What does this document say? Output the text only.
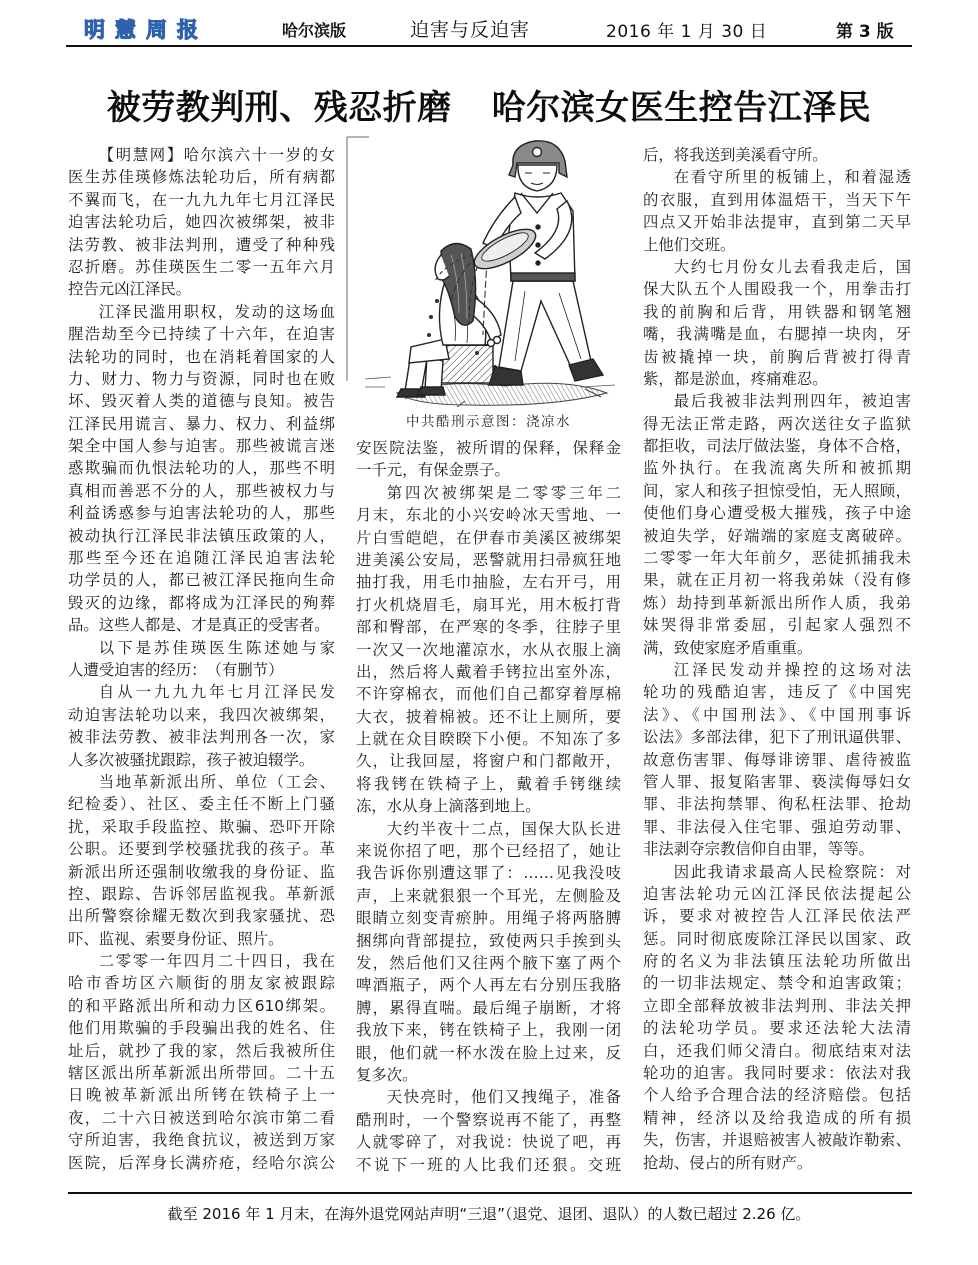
明慧周报	哈尔滨版	迫害与反迫害	2016 年 1 月 30 日	第 3 版
被劳教判刑、残忍折磨 哈尔滨女医生控告江泽民
中共酷刑示意图：浇凉水
【明慧网】哈尔滨六十一岁的女
医生苏佳瑛修炼法轮功后，所有病都
不翼而飞，在一九九九年七月江泽民
迫害法轮功后，她四次被绑架，被非
法劳教、被非法判刑，遭受了种种残
忍折磨。苏佳瑛医生二零一五年六月
控告元凶江泽民。
江泽民滥用职权，发动的这场血
腥浩劫至今已持续了十六年，在迫害
法轮功的同时，也在消耗着国家的人
力、财力、物力与资源，同时也在败
坏、毁灭着人类的道德与良知。被告
江泽民用谎言、暴力、权力、利益绑
架全中国人参与迫害。那些被谎言迷
惑欺骗而仇恨法轮功的人，那些不明
真相而善恶不分的人，那些被权力与
利益诱惑参与迫害法轮功的人，那些
被动执行江泽民非法镇压政策的人，
那些至今还在追随江泽民迫害法轮
功学员的人，都已被江泽民拖向生命
毁灭的边缘，都将成为江泽民的殉葬
品。这些人都是、才是真正的受害者。
以下是苏佳瑛医生陈述她与家
人遭受迫害的经历：　（有删节）
自从一九九九年七月江泽民发
动迫害法轮功以来，我四次被绑架，
被非法劳教、被非法判刑各一次，家
人多次被骚扰跟踪，孩子被迫辍学。
当地革新派出所、单位（工会、
纪检委）、社区、委主任不断上门骚
扰，采取手段监控、欺骗、恐吓开除
公职。还要到学校骚扰我的孩子。革
新派出所还强制收缴我的身份证、监
控、跟踪、告诉邻居监视我。革新派
出所警察徐耀无数次到我家骚扰、恐
吓、监视、索要身份证、照片。
二零零一年四月二十四日，我在
哈市香坊区六顺街的朋友家被跟踪
的和平路派出所和动力区610绑架。
他们用欺骗的手段骗出我的姓名、住
址后，就抄了我的家，然后我被所住
辖区派出所革新派出所带回。二十五
日晚被革新派出所铐在铁椅子上一
夜，二十六日被送到哈尔滨市第二看
守所迫害，我绝食抗议，被送到万家
医院，后浑身长满疥疮，经哈尔滨公
安医院法鉴，被所谓的保释，保释金
一千元，有保金票子。
第四次被绑架是二零零三年二
月末，东北的小兴安岭冰天雪地、一
片白雪皑皑，在伊春市美溪区被绑架
进美溪公安局，恶警就用扫帚疯狂地
抽打我，用毛巾抽脸，左右开弓，用
打火机烧眉毛，扇耳光，用木板打背
部和臀部，在严寒的冬季，往脖子里
一次又一次地灌凉水，水从衣服上滴
出，然后将人戴着手铐拉出室外冻，
不许穿棉衣，而他们自己都穿着厚棉
大衣，披着棉被。还不让上厕所，要
上就在众目睽睽下小便。不知冻了多
久，让我回屋，将窗户和门都敞开，
将我铐在铁椅子上，戴着手铐继续
冻，水从身上滴落到地上。
大约半夜十二点，国保大队长进
来说你招了吧，那个已经招了，她让
我告诉你别遭这罪了：……见我没吱
声，上来就狠狠一个耳光，左侧脸及
眼睛立刻变青瘀肿。用绳子将两胳膊
捆绑向背部提拉，致使两只手挨到头
发，然后他们又往两个腋下塞了两个
啤酒瓶子，两个人再左右分别压我胳
膊，累得直喘。最后绳子崩断，才将
我放下来，铐在铁椅子上，我刚一闭
眼，他们就一杯水泼在脸上过来，反
复多次。
天快亮时，他们又拽绳子，准备
酷刑时，一个警察说再不能了，再整
人就零碎了，对我说：快说了吧，再
不说下一班的人比我们还狠。交班
后，将我送到美溪看守所。
在看守所里的板铺上，和着湿透
的衣服，直到用体温焐干，当天下午
四点又开始非法提审，直到第二天早
上他们交班。
大约七月份女儿去看我走后，国
保大队五个人围殴我一个，用拳击打
我的前胸和后背，用铁器和钢笔翘
嘴，我满嘴是血，右腮掉一块肉，牙
齿被撬掉一块，前胸后背被打得青
紫，都是淤血，疼痛难忍。
最后我被非法判刑四年，被迫害
得无法正常走路，两次送往女子监狱
都拒收，司法厅做法鉴，身体不合格，
监外执行。在我流离失所和被抓期
间，家人和孩子担惊受怕，无人照顾，
使他们身心遭受极大摧残，孩子中途
被迫失学，好端端的家庭支离破碎。
二零零一年大年前夕，恶徒抓捕我未
果，就在正月初一将我弟妹（没有修
炼）劫持到革新派出所作人质，我弟
妹哭得非常委屈，引起家人强烈不
满，致使家庭矛盾重重。
江泽民发动并操控的这场对法
轮功的残酷迫害，违反了《中国宪
法》、《中国刑法》、《中国刑事诉
讼法》多部法律，犯下了刑讯逼供罪、
故意伤害罪、侮辱诽谤罪、虐待被监
管人罪、报复陷害罪、亵渎侮辱妇女
罪、非法拘禁罪、徇私枉法罪、抢劫
罪、非法侵入住宅罪、强迫劳动罪、
非法剥夺宗教信仰自由罪，等等。
因此我请求最高人民检察院：对
迫害法轮功元凶江泽民依法提起公
诉，要求对被控告人江泽民依法严
惩。同时彻底废除江泽民以国家、政
府的名义为非法镇压法轮功所做出
的一切非法规定、禁令和迫害政策；
立即全部释放被非法判刑、非法关押
的法轮功学员。要求还法轮大法清
白，还我们师父清白。彻底结束对法
轮功的迫害。我同时要求：依法对我
个人给予合理合法的经济赔偿。包括
精神，经济以及给我造成的所有损
失，伤害，并退赔被害人被敲诈勒索、
抢劫、侵占的所有财产。
截至 2016 年 1 月末，在海外退党网站声明“三退”（退党、退团、退队）的人数已超过 2.26 亿。
